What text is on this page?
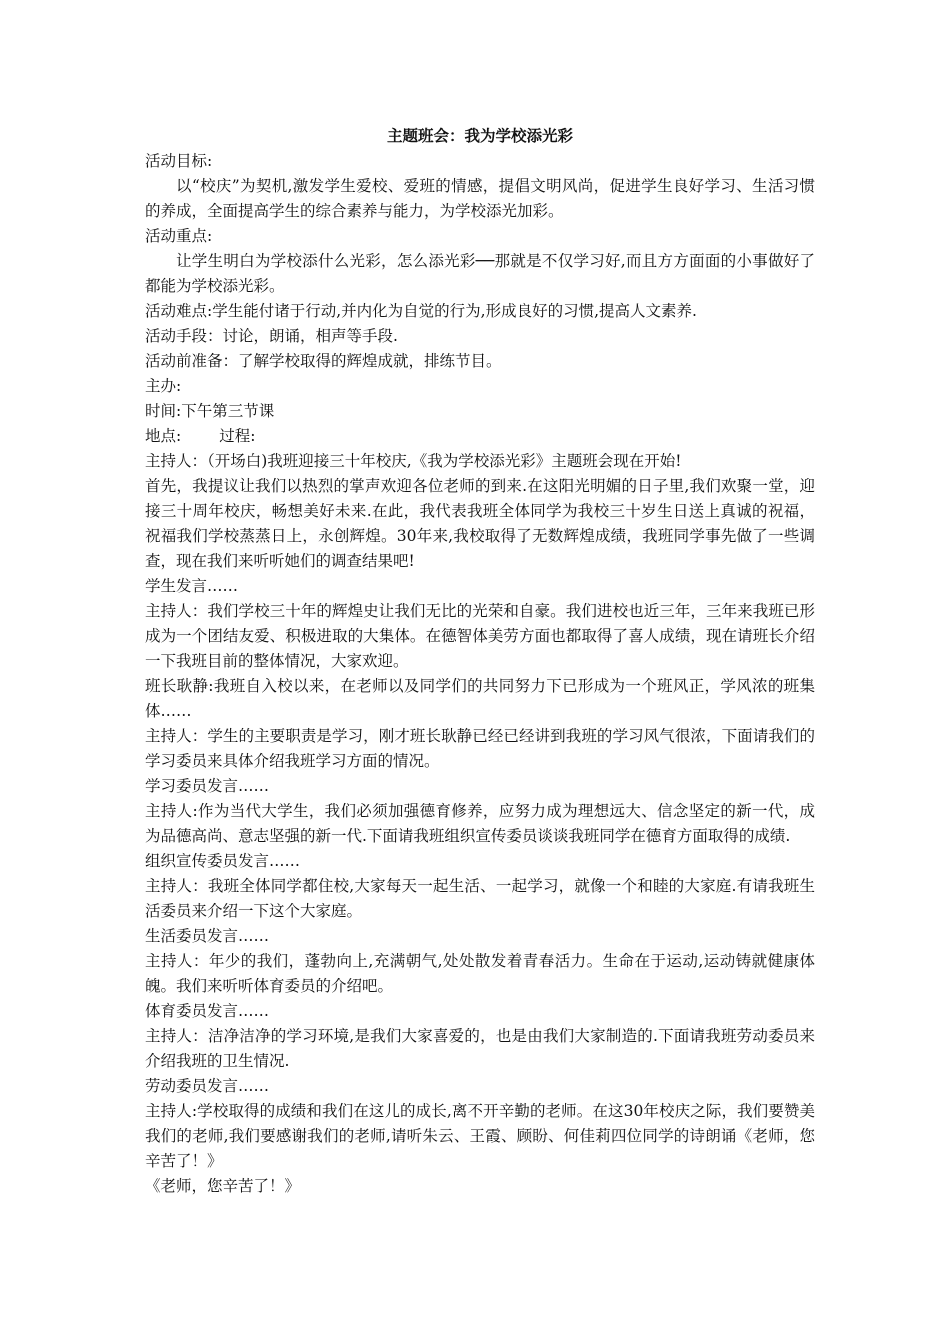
主题班会：我为学校添光彩

活动目标:

以“校庆”为契机,激发学生爱校、爱班的情感，提倡文明风尚，促进学生良好学习、生活习惯的养成，全面提高学生的综合素养与能力，为学校添光加彩。

活动重点:

让学生明白为学校添什么光彩，怎么添光彩──那就是不仅学习好,而且方方面面的小事做好了都能为学校添光彩。

活动难点:学生能付诸于行动,并内化为自觉的行为,形成良好的习惯,提高人文素养.

活动手段：讨论，朗诵，相声等手段.

活动前准备：了解学校取得的辉煌成就，排练节目。

主办:

时间:下午第三节课

地点: 过程:

主持人：（开场白)我班迎接三十年校庆,《我为学校添光彩》主题班会现在开始!

首先，我提议让我们以热烈的掌声欢迎各位老师的到来.在这阳光明媚的日子里,我们欢聚一堂，迎接三十周年校庆，畅想美好未来.在此，我代表我班全体同学为我校三十岁生日送上真诚的祝福，祝福我们学校蒸蒸日上，永创辉煌。30年来,我校取得了无数辉煌成绩，我班同学事先做了一些调查，现在我们来听听她们的调查结果吧!

学生发言……

主持人：我们学校三十年的辉煌史让我们无比的光荣和自豪。我们进校也近三年，三年来我班已形成为一个团结友爱、积极进取的大集体。在德智体美劳方面也都取得了喜人成绩，现在请班长介绍一下我班目前的整体情况，大家欢迎。

班长耿静:我班自入校以来，在老师以及同学们的共同努力下已形成为一个班风正，学风浓的班集体……

主持人：学生的主要职责是学习，刚才班长耿静已经已经讲到我班的学习风气很浓，下面请我们的学习委员来具体介绍我班学习方面的情况。

学习委员发言……

主持人:作为当代大学生，我们必须加强德育修养，应努力成为理想远大、信念坚定的新一代，成为品德高尚、意志坚强的新一代.下面请我班组织宣传委员谈谈我班同学在德育方面取得的成绩.

组织宣传委员发言……

主持人：我班全体同学都住校,大家每天一起生活、一起学习，就像一个和睦的大家庭.有请我班生活委员来介绍一下这个大家庭。

生活委员发言……

主持人：年少的我们，蓬勃向上,充满朝气,处处散发着青春活力。生命在于运动,运动铸就健康体魄。我们来听听体育委员的介绍吧。

体育委员发言……

主持人：洁净洁净的学习环境,是我们大家喜爱的，也是由我们大家制造的.下面请我班劳动委员来介绍我班的卫生情况.

劳动委员发言……

主持人:学校取得的成绩和我们在这儿的成长,离不开辛勤的老师。在这30年校庆之际，我们要赞美我们的老师,我们要感谢我们的老师,请听朱云、王霞、顾盼、何佳莉四位同学的诗朗诵《老师，您辛苦了！》

《老师，您辛苦了！》
